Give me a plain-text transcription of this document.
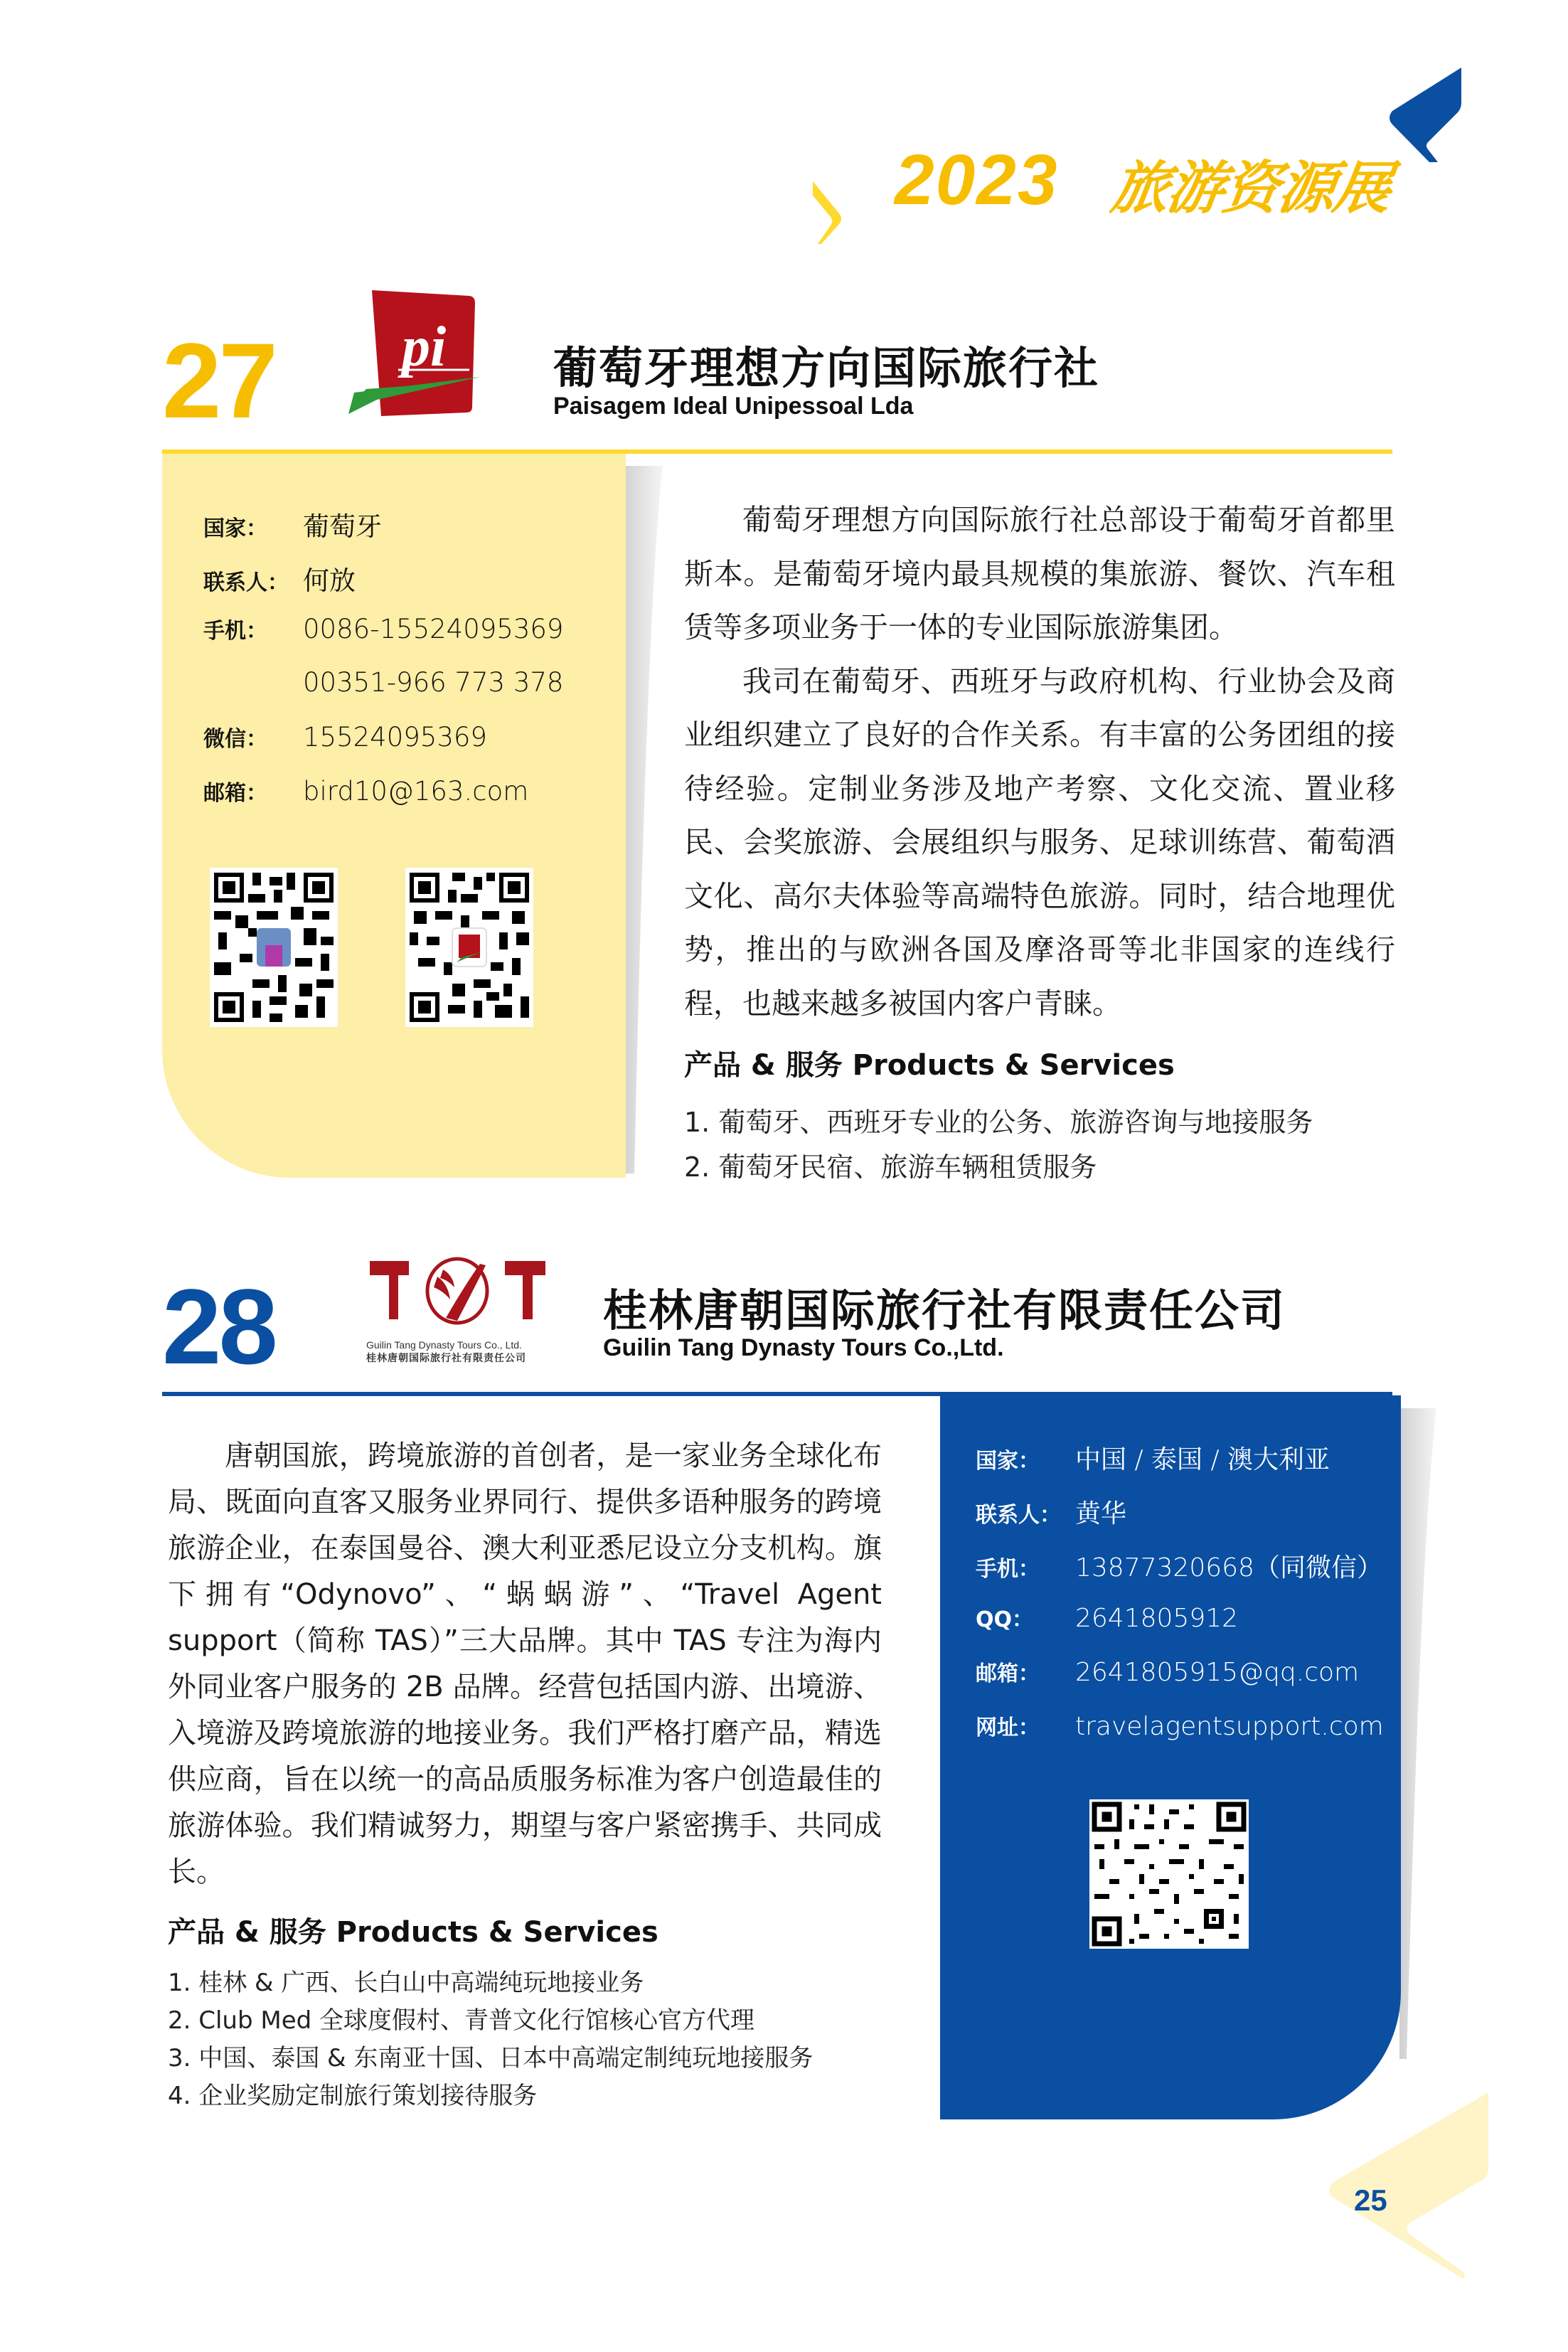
2023 旅游资源展
27 pi 葡萄牙理想方向国际旅行社
Paisagem Ideal Unipessoal Lda
国家：	葡萄牙
联系人： 何放
手机：	0086-15524095369
00351-966 773 378
微信：	15524095369
邮箱：	bird10@163.com

葡萄牙理想方向国际旅行社总部设于葡萄牙首都里斯本。是葡萄牙境内最具规模的集旅游、餐饮、汽车租赁等多项业务于一体的专业国际旅游集团。

我司在葡萄牙、西班牙与政府机构、行业协会及商业组织建立了良好的合作关系。有丰富的公务团组的接待经验。定制业务涉及地产考察、文化交流、置业移民、会奖旅游、会展组织与服务、足球训练营、葡萄酒文化、高尔夫体验等高端特色旅游。同时，结合地理优势，推出的与欧洲各国及摩洛哥等北非国家的连线行程，也越来越多被国内客户青睐。

产品 & 服务 Products & Services
1. 葡萄牙、西班牙专业的公务、旅游咨询与地接服务
2. 葡萄牙民宿、旅游车辆租赁服务
28	Guilin Tang Dynasty Tours Co., Ltd.
桂林唐朝国际旅行社有限责任公司
桂林唐朝国际旅行社有限责任公司
Guilin Tang Dynasty Tours Co.,Ltd.

唐朝国旅，跨境旅游的首创者，是一家业务全球化布局、既面向直客又服务业界同行、提供多语种服务的跨境旅游企业，在泰国曼谷、澳大利亚悉尼设立分支机构。旗下拥有“Odynovo”、“蜗蜗游”、“Travel Agent support（简称 TAS）”三大品牌。其中 TAS 专注为海内外同业客户服务的 2B 品牌。经营包括国内游、出境游、入境游及跨境旅游的地接业务。我们严格打磨产品，精选供应商，旨在以统一的高品质服务标准为客户创造最佳的旅游体验。我们精诚努力，期望与客户紧密携手、共同成长。

产品 & 服务 Products & Services
1. 桂林 & 广西、长白山中高端纯玩地接业务
2. Club Med 全球度假村、青普文化行馆核心官方代理
3. 中国、泰国 & 东南亚十国、日本中高端定制纯玩地接服务
4. 企业奖励定制旅行策划接待服务
国家：	中国 / 泰国 / 澳大利亚
联系人： 黄华
手机：	13877320668（同微信）
QQ：	2641805912
邮箱：	2641805915@qq.com
网址：	travelagentsupport.com
25
